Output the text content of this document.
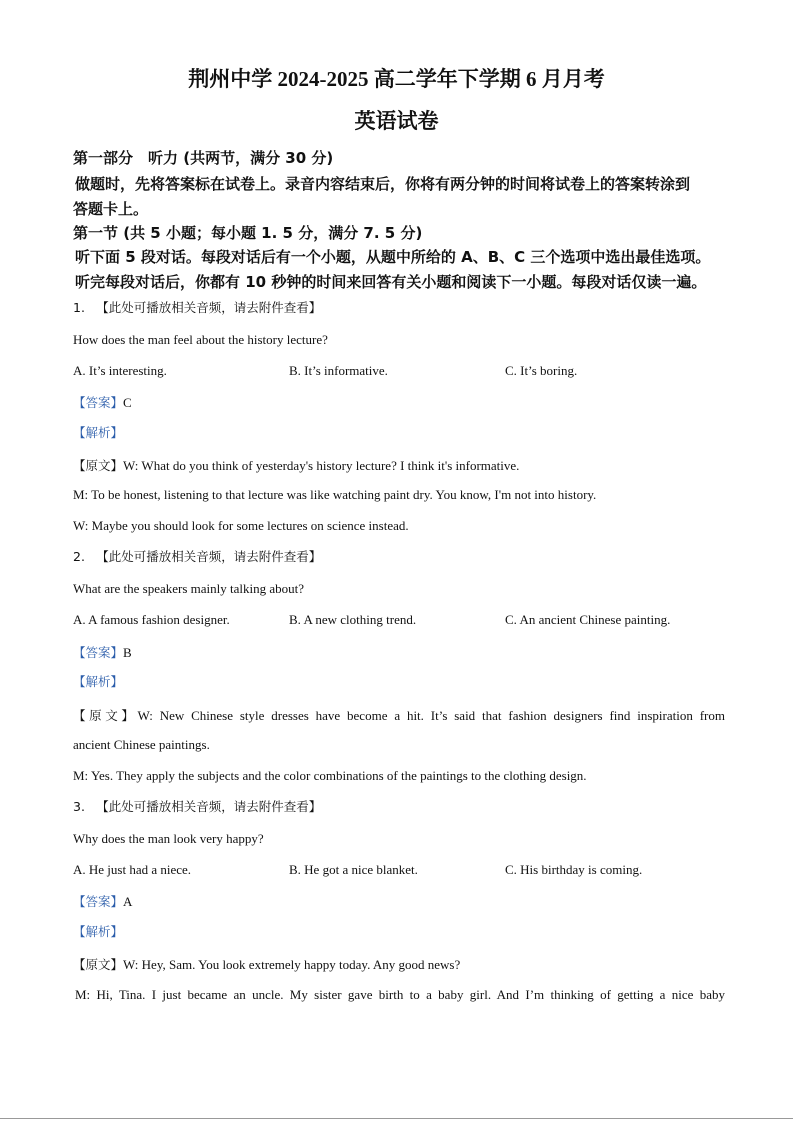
荆州中学 2024-2025 高二学年下学期 6 月月考
英语试卷
第一部分　听力 (共两节，满分 30 分)
做题时，先将答案标在试卷上。录音内容结束后，你将有两分钟的时间将试卷上的答案转涂到
答题卡上。
第一节 (共 5 小题；每小题 1. 5 分，满分 7. 5 分)
听下面 5 段对话。每段对话后有一个小题，从题中所给的 A、B、C 三个选项中选出最佳选项。
听完每段对话后，你都有 10 秒钟的时间来回答有关小题和阅读下一小题。每段对话仅读一遍。
1. 【此处可播放相关音频，请去附件查看】
How does the man feel about the history lecture?
A. It’s interesting.	B. It’s informative.	C. It’s boring.
【答案】C
【解析】
【原文】W: What do you think of yesterday's history lecture? I think it's informative.
M: To be honest, listening to that lecture was like watching paint dry. You know, I'm not into history.
W: Maybe you should look for some lectures on science instead.
2. 【此处可播放相关音频，请去附件查看】
What are the speakers mainly talking about?
A. A famous fashion designer.	B. A new clothing trend.	C. An ancient Chinese painting.
【答案】B
【解析】
【原文】W: New Chinese style dresses have become a hit. It’s said that fashion designers find inspiration from
ancient Chinese paintings.
M: Yes. They apply the subjects and the color combinations of the paintings to the clothing design.
3. 【此处可播放相关音频，请去附件查看】
Why does the man look very happy?
A. He just had a niece.	B. He got a nice blanket.	C. His birthday is coming.
【答案】A
【解析】
【原文】W: Hey, Sam. You look extremely happy today. Any good news?
M: Hi, Tina. I just became an uncle. My sister gave birth to a baby girl. And I’m thinking of getting a nice baby
